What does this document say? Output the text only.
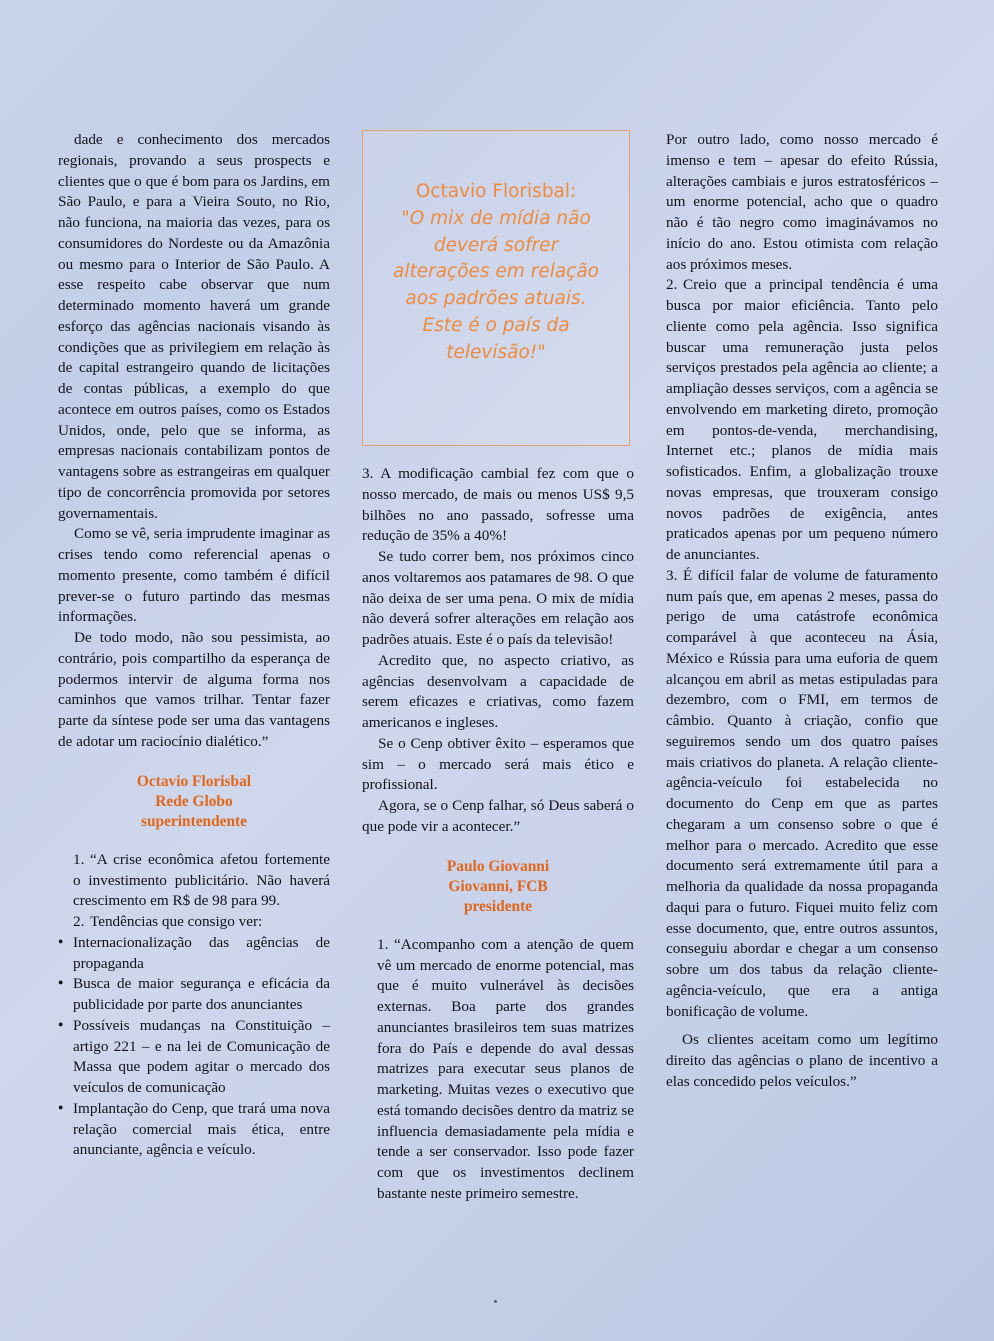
dade e conhecimento dos mercados regionais, provando a seus prospects e clientes que o que é bom para os Jardins, em São Paulo, e para a Vieira Souto, no Rio, não funciona, na maioria das vezes, para os consumidores do Nordeste ou da Amazônia ou mesmo para o Interior de São Paulo. A esse respeito cabe observar que num determinado momento haverá um grande esforço das agências nacionais visando às condições que as privilegiem em relação às de capital estrangeiro quando de licitações de contas públicas, a exemplo do que acontece em outros países, como os Estados Unidos, onde, pelo que se informa, as empresas nacionais contabilizam pontos de vantagens sobre as estrangeiras em qualquer tipo de concorrência promovida por setores governamentais.

Como se vê, seria imprudente imaginar as crises tendo como referencial apenas o momento presente, como também é difícil prever-se o futuro partindo das mesmas informações.

De todo modo, não sou pessimista, ao contrário, pois compartilho da esperança de podermos intervir de alguma forma nos caminhos que vamos trilhar. Tentar fazer parte da síntese pode ser uma das vantagens de adotar um raciocínio dialético.”

Octavio Florisbal
Rede Globo
superintendente

1. “A crise econômica afetou fortemente o investimento publicitário. Não haverá crescimento em R$ de 98 para 99.

2. Tendências que consigo ver:

● Internacionalização das agências de propaganda

● Busca de maior segurança e eficácia da publicidade por parte dos anunciantes

● Possíveis mudanças na Constituição – artigo 221 – e na lei de Comunicação de Massa que podem agitar o mercado dos veículos de comunicação

● Implantação do Cenp, que trará uma nova relação comercial mais ética, entre anunciante, agência e veículo.

3. A modificação cambial fez com que o nosso mercado, de mais ou menos US$ 9,5 bilhões no ano passado, sofresse uma redução de 35% a 40%!

Se tudo correr bem, nos próximos cinco anos voltaremos aos patamares de 98. O que não deixa de ser uma pena. O mix de mídia não deverá sofrer alterações em relação aos padrões atuais. Este é o país da televisão!

Acredito que, no aspecto criativo, as agências desenvolvam a capacidade de serem eficazes e criativas, como fazem americanos e ingleses.

Se o Cenp obtiver êxito – esperamos que sim – o mercado será mais ético e profissional.

Agora, se o Cenp falhar, só Deus saberá o que pode vir a acontecer.”

Paulo Giovanni
Giovanni, FCB
presidente

1. “Acompanho com a atenção de quem vê um mercado de enorme potencial, mas que é muito vulnerável às decisões externas. Boa parte dos grandes anunciantes brasileiros tem suas matrizes fora do País e depende do aval dessas matrizes para executar seus planos de marketing. Muitas vezes o executivo que está tomando decisões dentro da matriz se influencia demasiadamente pela mídia e tende a ser conservador. Isso pode fazer com que os investimentos declinem bastante neste primeiro semestre.

Por outro lado, como nosso mercado é imenso e tem – apesar do efeito Rússia, alterações cambiais e juros estratosféricos – um enorme potencial, acho que o quadro não é tão negro como imaginávamos no início do ano. Estou otimista com relação aos próximos meses.

2. Creio que a principal tendência é uma busca por maior eficiência. Tanto pelo cliente como pela agência. Isso significa buscar uma remuneração justa pelos serviços prestados pela agência ao cliente; a ampliação desses serviços, com a agência se envolvendo em marketing direto, promoção em pontos-de-venda, merchandising, Internet etc.; planos de mídia mais sofisticados. Enfim, a globalização trouxe novas empresas, que trouxeram consigo novos padrões de exigência, antes praticados apenas por um pequeno número de anunciantes.

3. É difícil falar de volume de faturamento num país que, em apenas 2 meses, passa do perigo de uma catástrofe econômica comparável à que aconteceu na Ásia, México e Rússia para uma euforia de quem alcançou em abril as metas estipuladas para dezembro, com o FMI, em termos de câmbio. Quanto à criação, confio que seguiremos sendo um dos quatro países mais criativos do planeta. A relação cliente-agência-veículo foi estabelecida no documento do Cenp em que as partes chegaram a um consenso sobre o que é melhor para o mercado. Acredito que esse documento será extremamente útil para a melhoria da qualidade da nossa propaganda daqui para o futuro. Fiquei muito feliz com esse documento, que, entre outros assuntos, conseguiu abordar e chegar a um consenso sobre um dos tabus da relação cliente-agência-veículo, que era a antiga bonificação de volume.

Os clientes aceitam como um legítimo direito das agências o plano de incentivo a elas concedido pelos veículos.”

Octavio Florisbal:
"O mix de mídia não deverá sofrer alterações em relação aos padrões atuais. Este é o país da televisão!"
